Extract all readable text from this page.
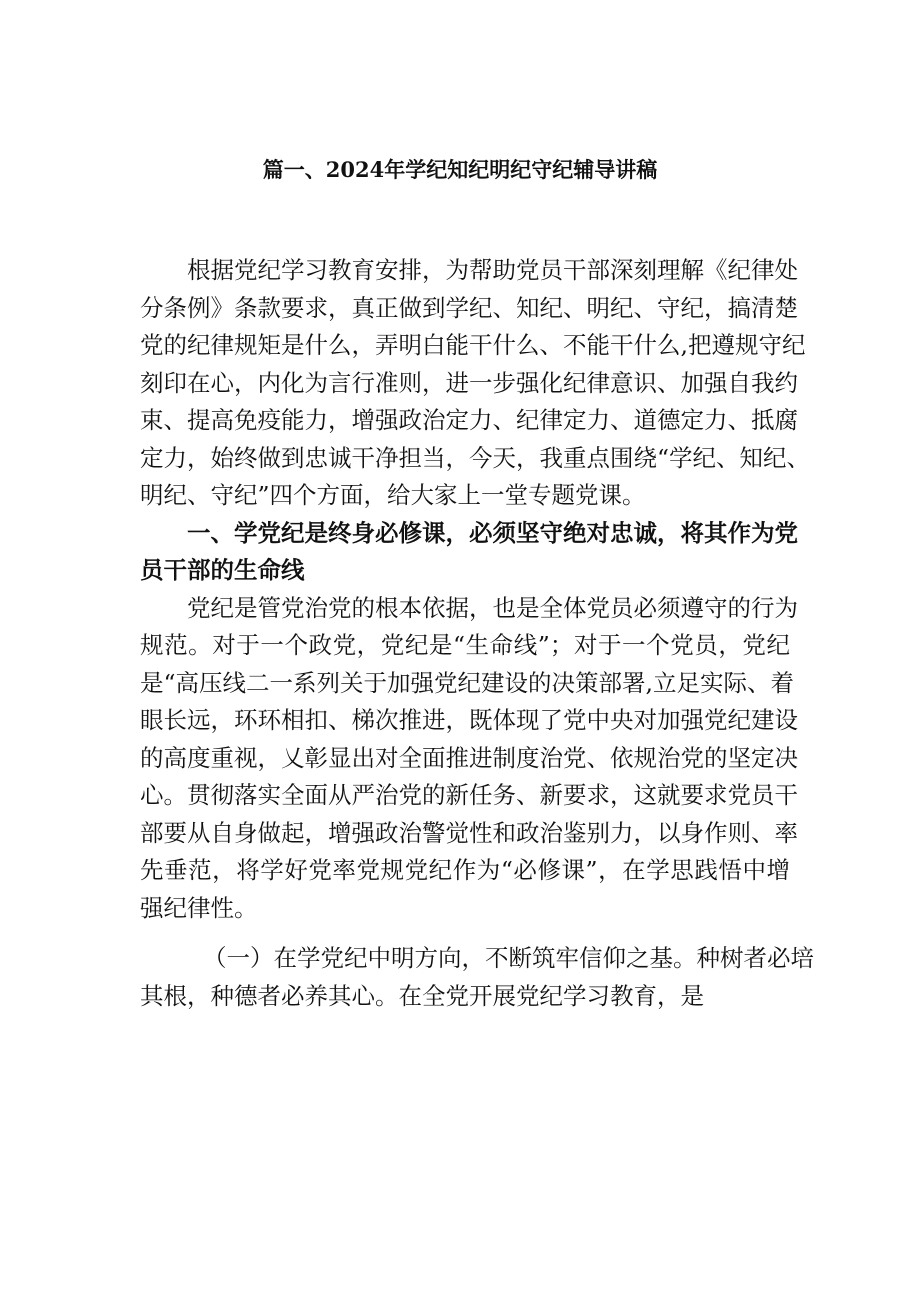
篇一、2024年学纪知纪明纪守纪辅导讲稿
根据党纪学习教育安排，为帮助党员干部深刻理解《纪律处
分条例》条款要求，真正做到学纪、知纪、明纪、守纪，搞清楚
党的纪律规矩是什么，弄明白能干什么、不能干什么,把遵规守纪
刻印在心，内化为言行准则，进一步强化纪律意识、加强自我约
束、提高免疫能力，增强政治定力、纪律定力、道德定力、抵腐
定力，始终做到忠诚干净担当，今天，我重点围绕“学纪、知纪、
明纪、守纪”四个方面，给大家上一堂专题党课。
一、学党纪是终身必修课，必须坚守绝对忠诚，将其作为党
员干部的生命线
党纪是管党治党的根本依据，也是全体党员必须遵守的行为
规范。对于一个政党，党纪是“生命线”；对于一个党员，党纪
是“高压线二一系列关于加强党纪建设的决策部署,立足实际、着
眼长远，环环相扣、梯次推进，既体现了党中央对加强党纪建设
的高度重视，乂彰显出对全面推进制度治党、依规治党的坚定决
心。贯彻落实全面从严治党的新任务、新要求，这就要求党员干
部要从自身做起，增强政治警觉性和政治鉴别力，以身作则、率
先垂范，将学好党率党规党纪作为“必修课”，在学思践悟中增
强纪律性。
（一）在学党纪中明方向，不断筑牢信仰之基。种树者必培
其根，种德者必养其心。在全党开展党纪学习教育，是
